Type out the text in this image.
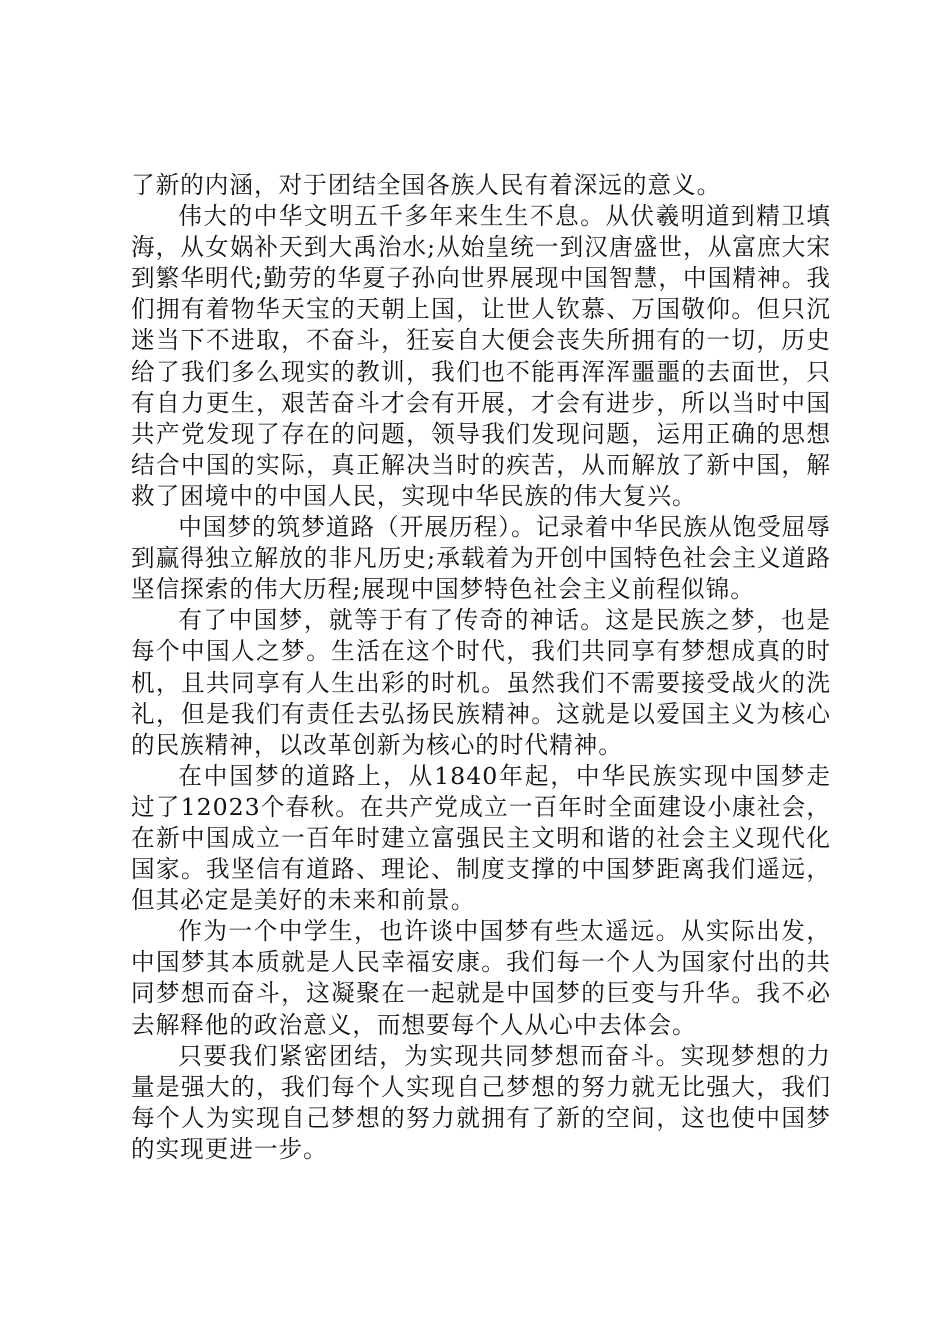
了新的内涵，对于团结全国各族人民有着深远的意义。

伟大的中华文明五千多年来生生不息。从伏羲明道到精卫填海，从女娲补天到大禹治水;从始皇统一到汉唐盛世，从富庶大宋到繁华明代;勤劳的华夏子孙向世界展现中国智慧，中国精神。我们拥有着物华天宝的天朝上国，让世人钦慕、万国敬仰。但只沉迷当下不进取，不奋斗，狂妄自大便会丧失所拥有的一切，历史给了我们多么现实的教训，我们也不能再浑浑噩噩的去面世，只有自力更生，艰苦奋斗才会有开展，才会有进步，所以当时中国共产党发现了存在的问题，领导我们发现问题，运用正确的思想结合中国的实际，真正解决当时的疾苦，从而解放了新中国，解救了困境中的中国人民，实现中华民族的伟大复兴。

中国梦的筑梦道路（开展历程）。记录着中华民族从饱受屈辱到赢得独立解放的非凡历史;承载着为开创中国特色社会主义道路坚信探索的伟大历程;展现中国梦特色社会主义前程似锦。

有了中国梦，就等于有了传奇的神话。这是民族之梦，也是每个中国人之梦。生活在这个时代，我们共同享有梦想成真的时机，且共同享有人生出彩的时机。虽然我们不需要接受战火的洗礼，但是我们有责任去弘扬民族精神。这就是以爱国主义为核心的民族精神，以改革创新为核心的时代精神。

在中国梦的道路上，从1840年起，中华民族实现中国梦走过了12023个春秋。在共产党成立一百年时全面建设小康社会，在新中国成立一百年时建立富强民主文明和谐的社会主义现代化国家。我坚信有道路、理论、制度支撑的中国梦距离我们遥远，但其必定是美好的未来和前景。

作为一个中学生，也许谈中国梦有些太遥远。从实际出发，中国梦其本质就是人民幸福安康。我们每一个人为国家付出的共同梦想而奋斗，这凝聚在一起就是中国梦的巨变与升华。我不必去解释他的政治意义，而想要每个人从心中去体会。

只要我们紧密团结，为实现共同梦想而奋斗。实现梦想的力量是强大的，我们每个人实现自己梦想的努力就无比强大，我们每个人为实现自己梦想的努力就拥有了新的空间，这也使中国梦的实现更进一步。
